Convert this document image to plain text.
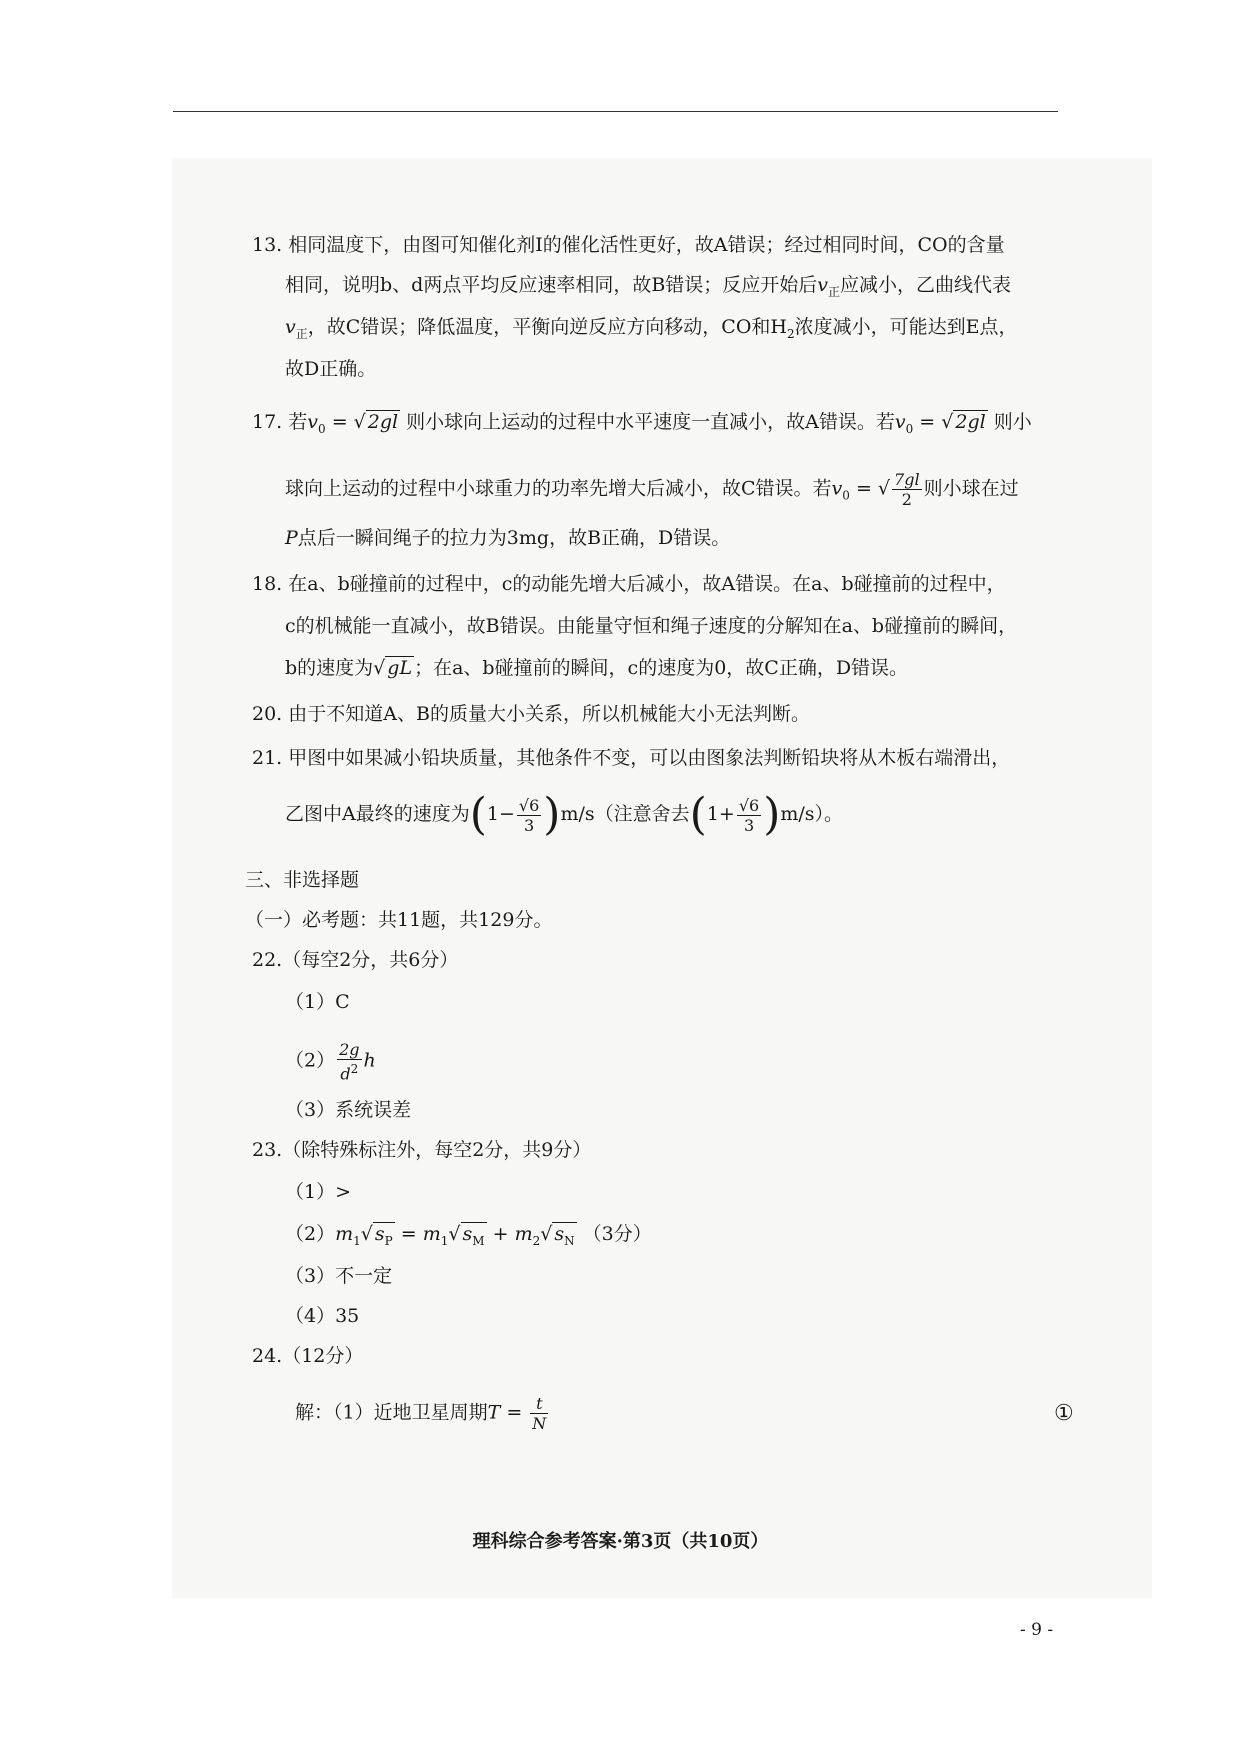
13. 相同温度下，由图可知催化剂Ⅰ的催化活性更好，故A错误；经过相同时间，CO的含量
相同，说明b、d两点平均反应速率相同，故B错误；反应开始后$v_正$应减小，乙曲线代表
$v_正$，故C错误；降低温度，平衡向逆反应方向移动，CO和$H_2$浓度减小，可能达到E点，
故D正确。
17. 若$v_0$ = √ 2gl 则小球向上运动的过程中水平速度一直减小，故A错误。若$v_0$ = √ 2gl 则小
球向上运动的过程中小球重力的功率先增大后减小，故C错误。若$v_0$ = √ $\frac{7gl}{2}$ 则小球在过
P点后一瞬间绳子的拉力为3mg，故B正确，D错误。
18. 在a、b碰撞前的过程中，c的动能先增大后减小，故A错误。在a、b碰撞前的过程中，
c的机械能一直减小，故B错误。由能量守恒和绳子速度的分解知在a、b碰撞前的瞬间，
b的速度为√ gL ；在a、b碰撞前的瞬间，c的速度为0，故C正确，D错误。
20. 由于不知道A、B的质量大小关系，所以机械能大小无法判断。
21. 甲图中如果减小铅块质量，其他条件不变，可以由图象法判断铅块将从木板右端滑出，
乙图中A最终的速度为$(1- \frac{√6}{3} )m/s$（注意舍去$(1+ \frac{√6}{3} )m/s$）。
三、非选择题
（一）必考题：共11题，共129分。
22.（每空2分，共6分）
（1）C
$(2) \frac{2g}{d^2}$ h
（3）系统误差
23.（除特殊标注外，每空2分，共9分）
（1）>
$(2)m_1√$ $s_P = m_1√$ $s_M + m_2√$ $s_N$ （3分）
（3）不一定
（4）35
24.（12分）
解：（1）近地卫星周期$T = \frac{t}{N}$	①
理科综合参考答案·第3页（共10页）
- 9 -
